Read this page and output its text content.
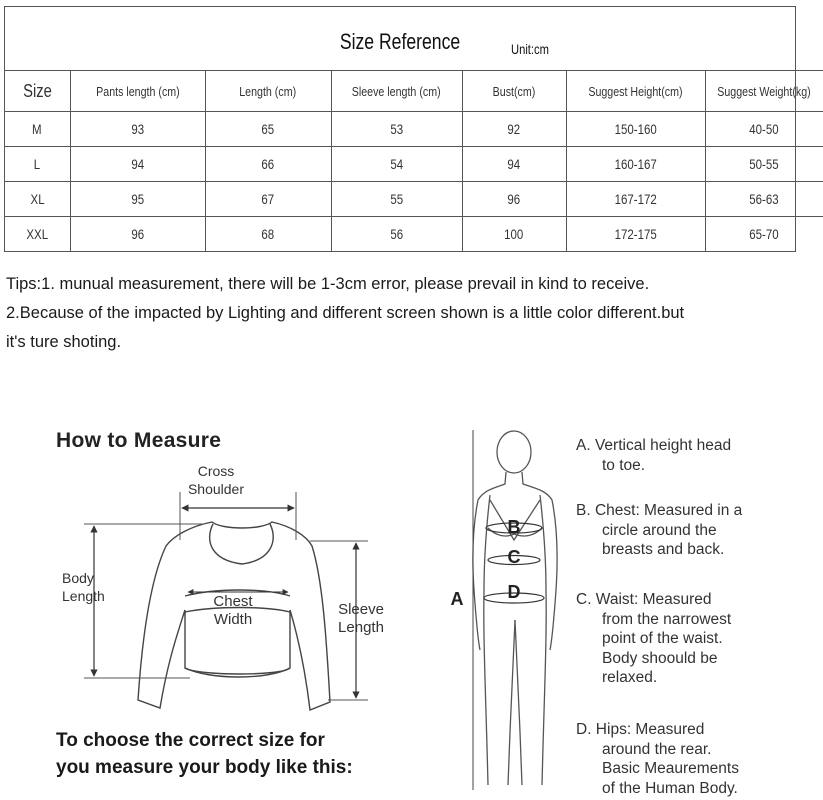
Size Reference	Unit:cm
Size	Pants length (cm)	Length (cm)	Sleeve length (cm)	Bust(cm)	Suggest Height(cm)	Suggest Weight(kg)
M	93	65	53	92	150-160	40-50
L	94	66	54	94	160-167	50-55
XL	95	67	55	96	167-172	56-63
XXL	96	68	56	100	172-175	65-70
Tips:1. munual measurement, there will be 1-3cm error, please prevail in kind to receive.
2.Because of the impacted by Lighting and different screen shown is a little color different.but
it's ture shoting.
B
C
D
A
How to Measure
Cross
Shoulder
Body
Length	Chest
Width
Sleeve
Length
To choose the correct size for
you measure your body like this:
A. Vertical height head
to toe.
B. Chest: Measured in a
circle around the
breasts and back.
C. Waist: Measured
from the narrowest
point of the waist.
Body shoould be
relaxed.
D. Hips: Measured
around the rear.
Basic Meaurements
of the Human Body.
